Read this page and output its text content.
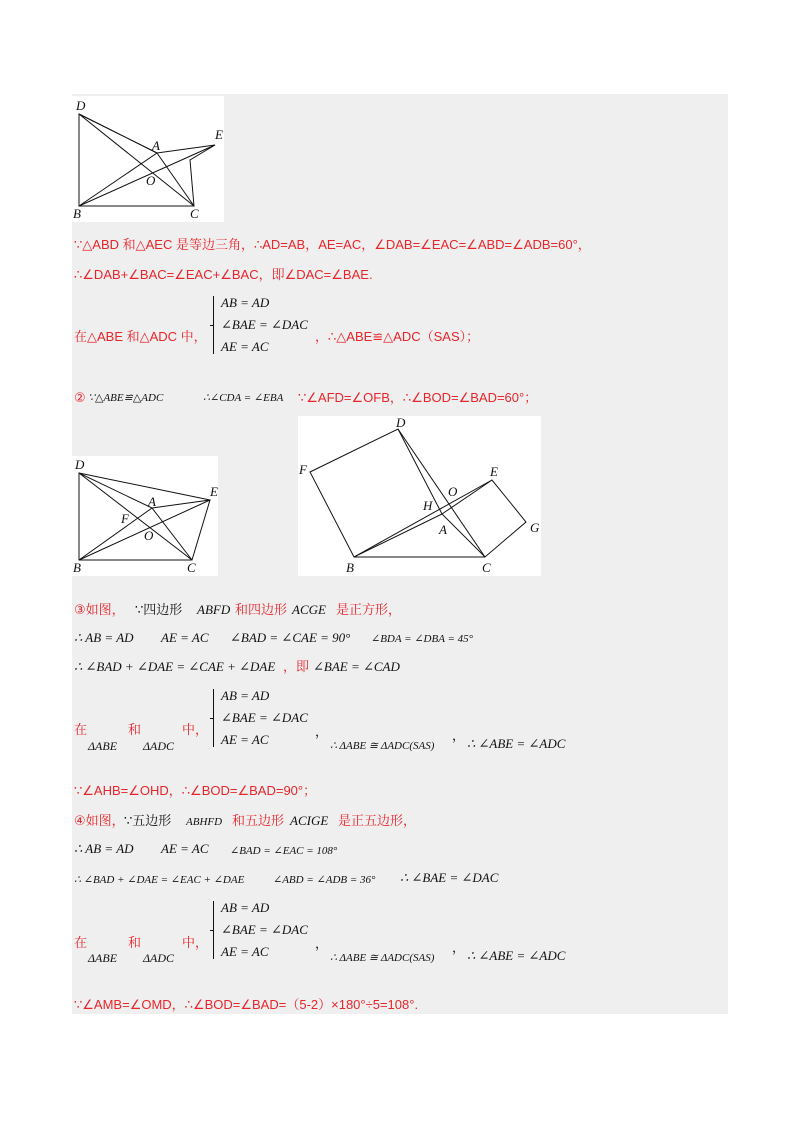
D
E
A
O
B	C
∵△ABD 和△AEC 是等边三角，∴AD=AB，AE=AC，∠DAB=∠EAC=∠ABD=∠ADB=60°，
∴∠DAB+∠BAC=∠EAC+∠BAC，即∠DAC=∠BAE.
在△ABE 和△ADC 中，
AB = AD
∠BAE = ∠DAC
AE = AC
，∴△ABE≌△ADC（SAS）；
② ∵△ABE≌△ADC	∴∠CDA = ∠EBA ∵∠AFD=∠OFB，∴∠BOD=∠BAD=60°；
D
E
A
F
O
B	C
D
F	E
O
H
A	G
B	C
③如图， ∵四边形 ABFD 和四边形 ACGE 是正方形，
∴ AB = AD AE = AC ∠BAD = ∠CAE = 90° ∠BDA = ∠DBA = 45°
∴ ∠BAD + ∠DAE = ∠CAE + ∠DAE ，即 ∠BAE = ∠CAD
在
ΔABE
和
ΔADC
中，
AB = AD
∠BAE = ∠DAC
AE = AC
，
∴ ΔABE ≅ ΔADC(SAS)
，
∴ ∠ABE = ∠ADC
∵∠AHB=∠OHD，∴∠BOD=∠BAD=90°；
④如图， ∵五边形 ABHFD 和五边形 ACIGE 是正五边形，
∴ AB = AD AE = AC ∠BAD = ∠EAC = 108°
∴ ∠BAD + ∠DAE = ∠EAC + ∠DAE	∠ABD = ∠ADB = 36° ∴ ∠BAE = ∠DAC
在
ΔABE
和
ΔADC
中，
AB = AD
∠BAE = ∠DAC
AE = AC
，
∴ ΔABE ≅ ΔADC(SAS)
，
∴ ∠ABE = ∠ADC
∵∠AMB=∠OMD，∴∠BOD=∠BAD=（5-2）×180°÷5=108°.
